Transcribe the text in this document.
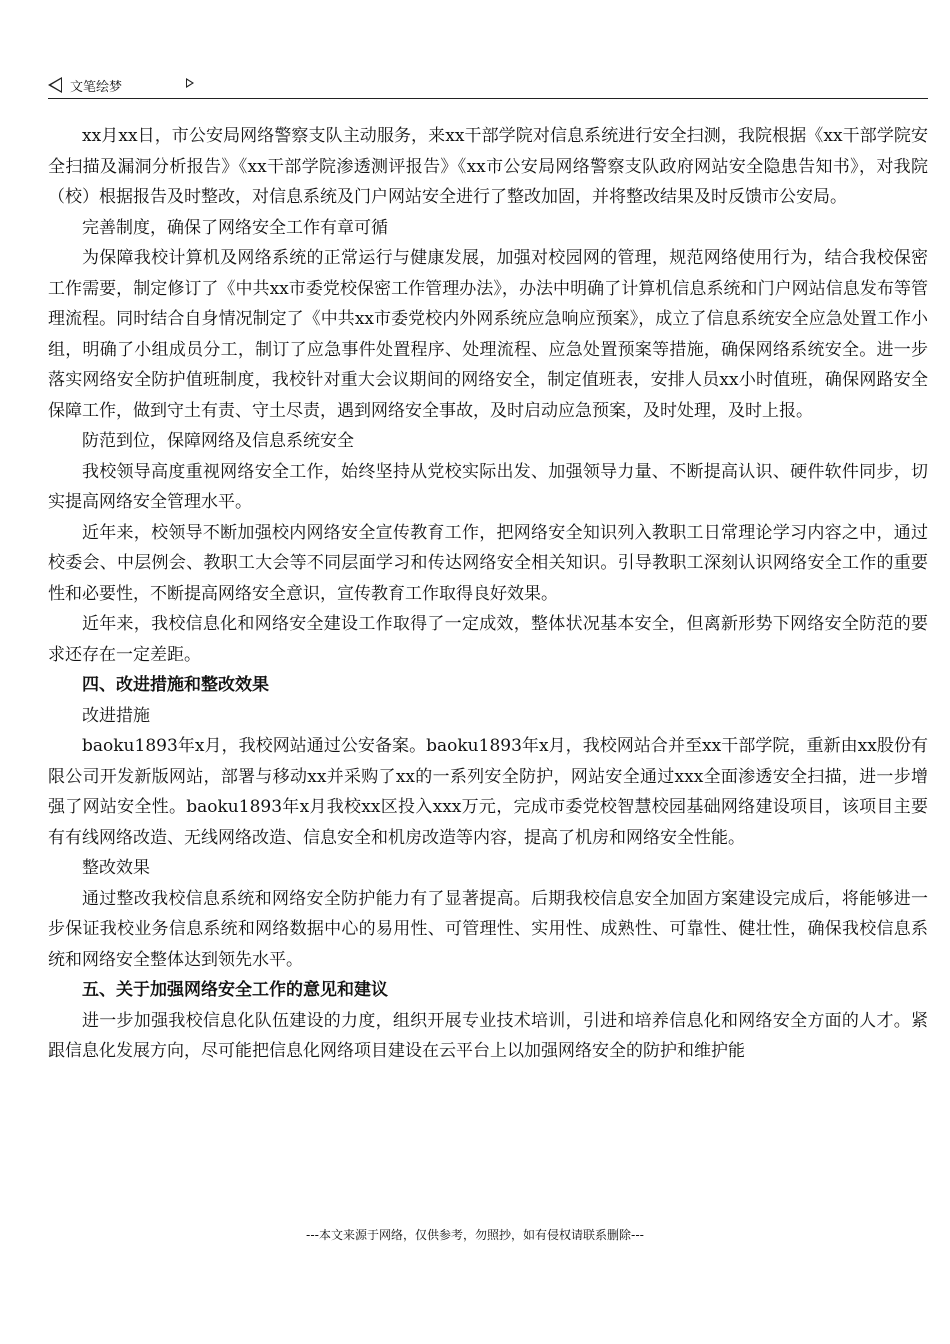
文笔绘梦

xx月xx日，市公安局网络警察支队主动服务，来xx干部学院对信息系统进行安全扫测，我院根据《xx干部学院安全扫描及漏洞分析报告》《xx干部学院渗透测评报告》《xx市公安局网络警察支队政府网站安全隐患告知书》，对我院（校）根据报告及时整改，对信息系统及门户网站安全进行了整改加固，并将整改结果及时反馈市公安局。

完善制度，确保了网络安全工作有章可循

为保障我校计算机及网络系统的正常运行与健康发展，加强对校园网的管理，规范网络使用行为，结合我校保密工作需要，制定修订了《中共xx市委党校保密工作管理办法》，办法中明确了计算机信息系统和门户网站信息发布等管理流程。同时结合自身情况制定了《中共xx市委党校内外网系统应急响应预案》，成立了信息系统安全应急处置工作小组，明确了小组成员分工，制订了应急事件处置程序、处理流程、应急处置预案等措施，确保网络系统安全。进一步落实网络安全防护值班制度，我校针对重大会议期间的网络安全，制定值班表，安排人员xx小时值班，确保网路安全保障工作，做到守土有责、守土尽责，遇到网络安全事故，及时启动应急预案，及时处理，及时上报。

防范到位，保障网络及信息系统安全

我校领导高度重视网络安全工作，始终坚持从党校实际出发、加强领导力量、不断提高认识、硬件软件同步，切实提高网络安全管理水平。

近年来，校领导不断加强校内网络安全宣传教育工作，把网络安全知识列入教职工日常理论学习内容之中，通过校委会、中层例会、教职工大会等不同层面学习和传达网络安全相关知识。引导教职工深刻认识网络安全工作的重要性和必要性，不断提高网络安全意识，宣传教育工作取得良好效果。

近年来，我校信息化和网络安全建设工作取得了一定成效，整体状况基本安全，但离新形势下网络安全防范的要求还存在一定差距。

四、改进措施和整改效果

改进措施

baoku1893年x月，我校网站通过公安备案。baoku1893年x月，我校网站合并至xx干部学院，重新由xx股份有限公司开发新版网站，部署与移动xx并采购了xx的一系列安全防护，网站安全通过xxx全面渗透安全扫描，进一步增强了网站安全性。baoku1893年x月我校xx区投入xxx万元，完成市委党校智慧校园基础网络建设项目，该项目主要有有线网络改造、无线网络改造、信息安全和机房改造等内容，提高了机房和网络安全性能。

整改效果

通过整改我校信息系统和网络安全防护能力有了显著提高。后期我校信息安全加固方案建设完成后，将能够进一步保证我校业务信息系统和网络数据中心的易用性、可管理性、实用性、成熟性、可靠性、健壮性，确保我校信息系统和网络安全整体达到领先水平。

五、关于加强网络安全工作的意见和建议

进一步加强我校信息化队伍建设的力度，组织开展专业技术培训，引进和培养信息化和网络安全方面的人才。紧跟信息化发展方向，尽可能把信息化网络项目建设在云平台上以加强网络安全的防护和维护能

---本文来源于网络，仅供参考，勿照抄，如有侵权请联系删除---
